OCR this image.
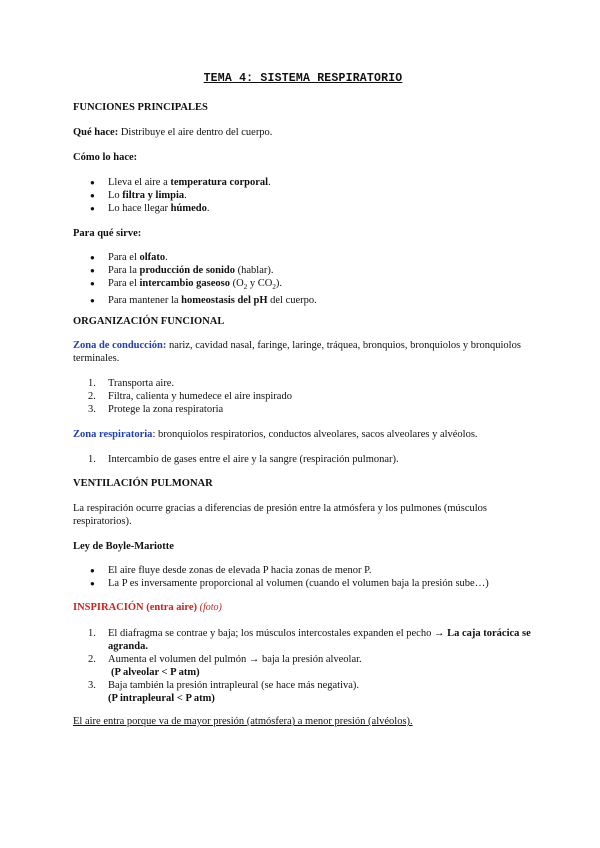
TEMA 4: SISTEMA RESPIRATORIO
FUNCIONES PRINCIPALES
Qué hace: Distribuye el aire dentro del cuerpo.
Cómo lo hace:
● Lleva el aire a temperatura corporal.
● Lo filtra y limpia.
● Lo hace llegar húmedo.
Para qué sirve:
● Para el olfato.
● Para la producción de sonido (hablar).
● Para el intercambio gaseoso ($O_2$ y $CO_2$).
● Para mantener la homeostasis del pH del cuerpo.
ORGANIZACIÓN FUNCIONAL
Zona de conducción: nariz, cavidad nasal, faringe, laringe, tráquea, bronquios, bronquiolos y bronquiolos terminales.
1. Transporta aire.
2. Filtra, calienta y humedece el aire inspirado
3. Protege la zona respiratoria
Zona respiratoria: bronquiolos respiratorios, conductos alveolares, sacos alveolares y alvéolos.
1. Intercambio de gases entre el aire y la sangre (respiración pulmonar).
VENTILACIÓN PULMONAR
La respiración ocurre gracias a diferencias de presión entre la atmósfera y los pulmones (músculos respiratorios).
Ley de Boyle-Mariotte
● El aire fluye desde zonas de elevada P hacia zonas de menor P.
● La P es inversamente proporcional al volumen (cuando el volumen baja la presión sube…)
INSPIRACIÓN (entra aire) (foto)
1. El diafragma se contrae y baja; los músculos intercostales expanden el pecho → La caja torácica se agranda.
2. Aumenta el volumen del pulmón → baja la presión alveolar.
(P alveolar < P atm)
3. Baja también la presión intrapleural (se hace más negativa).
(P intrapleural < P atm)
El aire entra porque va de mayor presión (atmósfera) a menor presión (alvéolos).
